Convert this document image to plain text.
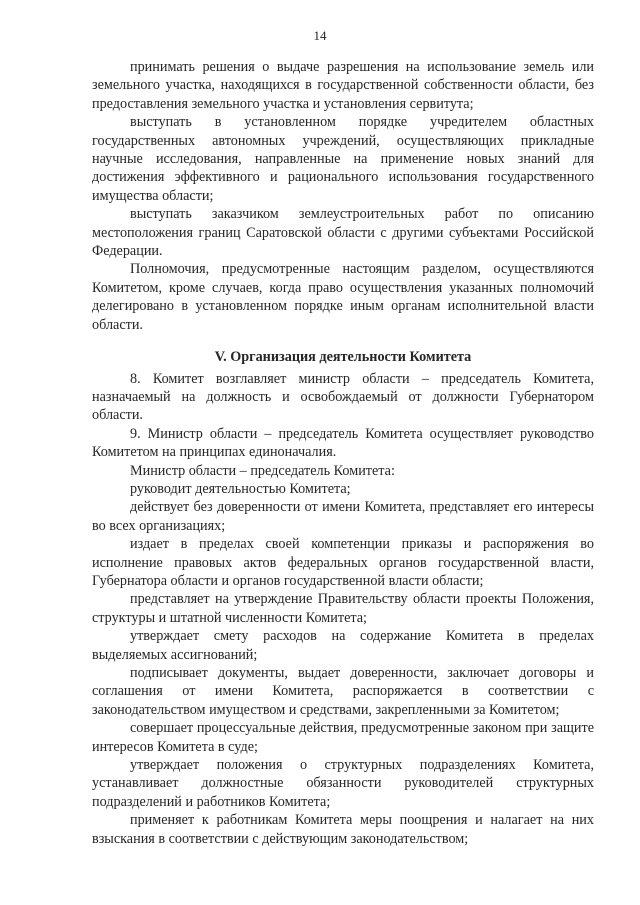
14

принимать решения о выдаче разрешения на использование земель или земельного участка, находящихся в государственной собственности области, без предоставления земельного участка и установления сервитута;

выступать в установленном порядке учредителем областных государственных автономных учреждений, осуществляющих прикладные научные исследования, направленные на применение новых знаний для достижения эффективного и рационального использования государственного имущества области;

выступать заказчиком землеустроительных работ по описанию местоположения границ Саратовской области с другими субъектами Российской Федерации.

Полномочия, предусмотренные настоящим разделом, осуществляются Комитетом, кроме случаев, когда право осуществления указанных полномочий делегировано в установленном порядке иным органам исполнительной власти области.

V. Организация деятельности Комитета

8. Комитет возглавляет министр области – председатель Комитета, назначаемый на должность и освобождаемый от должности Губернатором области.

9. Министр области – председатель Комитета осуществляет руководство Комитетом на принципах единоначалия.

Министр области – председатель Комитета:

руководит деятельностью Комитета;

действует без доверенности от имени Комитета, представляет его интересы во всех организациях;

издает в пределах своей компетенции приказы и распоряжения во исполнение правовых актов федеральных органов государственной власти, Губернатора области и органов государственной власти области;

представляет на утверждение Правительству области проекты Положения, структуры и штатной численности Комитета;

утверждает смету расходов на содержание Комитета в пределах выделяемых ассигнований;

подписывает документы, выдает доверенности, заключает договоры и соглашения от имени Комитета, распоряжается в соответствии с законодательством имуществом и средствами, закрепленными за Комитетом;

совершает процессуальные действия, предусмотренные законом при защите интересов Комитета в суде;

утверждает положения о структурных подразделениях Комитета, устанавливает должностные обязанности руководителей структурных подразделений и работников Комитета;

применяет к работникам Комитета меры поощрения и налагает на них взыскания в соответствии с действующим законодательством;
